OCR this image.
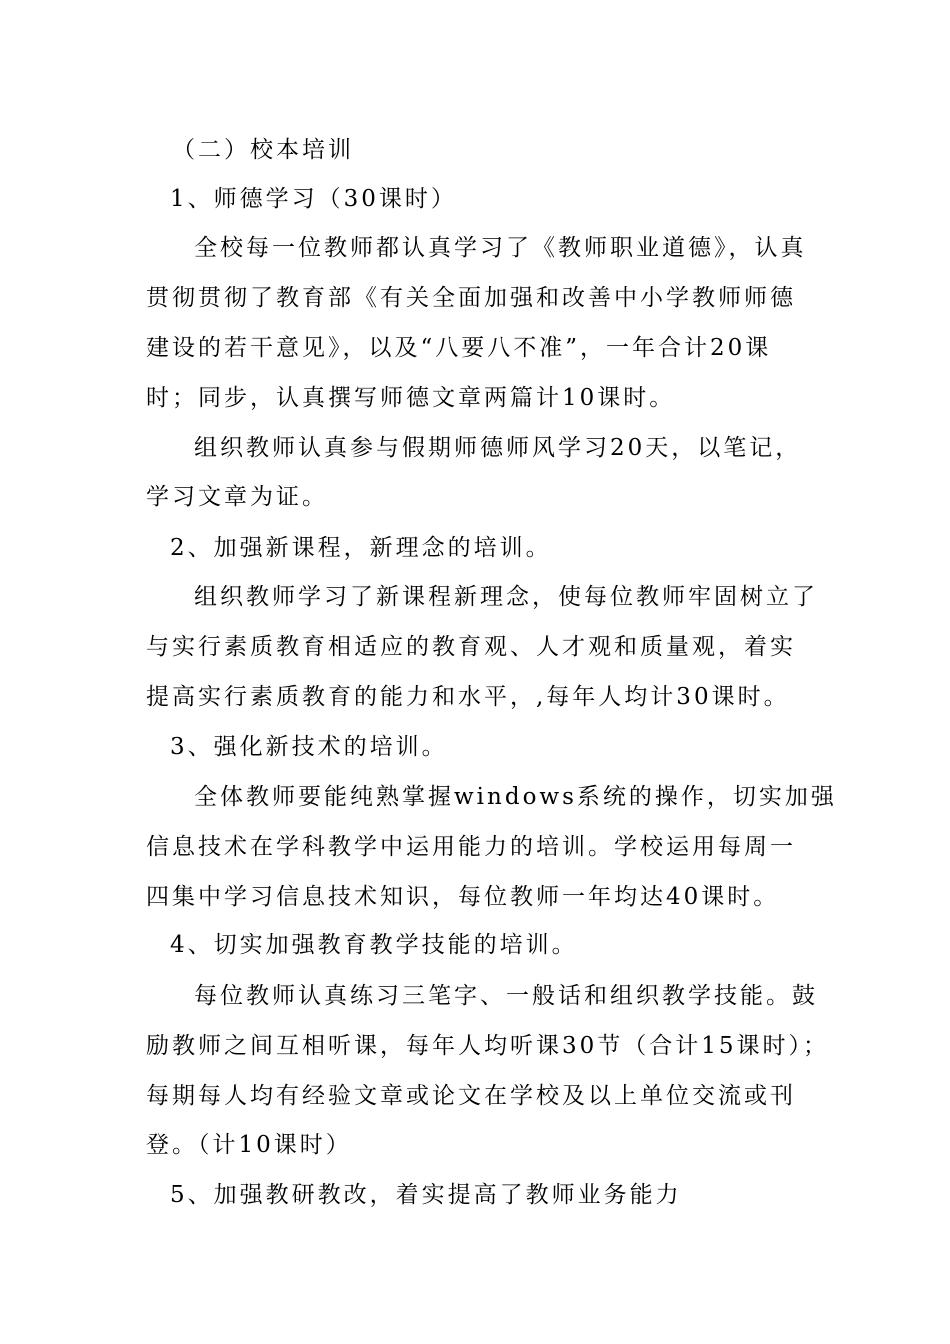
（二）校本培训
1、师德学习（30课时）
全校每一位教师都认真学习了《教师职业道德》，认真
贯彻贯彻了教育部《有关全面加强和改善中小学教师师德
建设的若干意见》，以及“八要八不准”，一年合计20课
时；同步，认真撰写师德文章两篇计10课时。
组织教师认真参与假期师德师风学习20天，以笔记，
学习文章为证。
2、加强新课程，新理念的培训。
组织教师学习了新课程新理念，使每位教师牢固树立了
与实行素质教育相适应的教育观、人才观和质量观，着实
提高实行素质教育的能力和水平，,每年人均计30课时。
3、强化新技术的培训。
全体教师要能纯熟掌握windows系统的操作，切实加强
信息技术在学科教学中运用能力的培训。学校运用每周一
四集中学习信息技术知识，每位教师一年均达40课时。
4、切实加强教育教学技能的培训。
每位教师认真练习三笔字、一般话和组织教学技能。鼓
励教师之间互相听课，每年人均听课30节（合计15课时）；
每期每人均有经验文章或论文在学校及以上单位交流或刊
登。（计10课时）
5、加强教研教改，着实提高了教师业务能力
